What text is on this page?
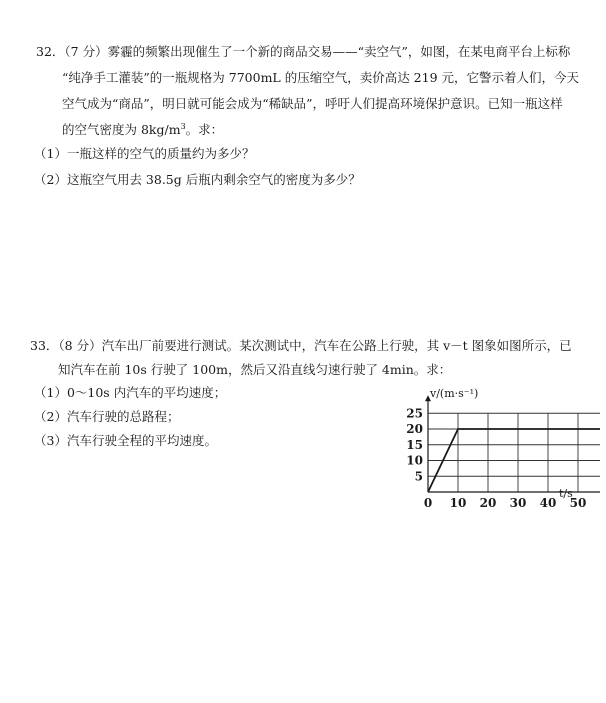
32．（7 分）雾霾的频繁出现催生了一个新的商品交易——“卖空气”，如图，在某电商平台上标称
“纯净手工灌装”的一瓶规格为 7700mL 的压缩空气，卖价高达 219 元，它警示着人们，今天
空气成为“商品”，明日就可能会成为“稀缺品”，呼吁人们提高环境保护意识。已知一瓶这样
的空气密度为 $8kg/m^3$。求：
（1）一瓶这样的空气的质量约为多少？
（2）这瓶空气用去 38.5g 后瓶内剩余空气的密度为多少？
33．（8 分）汽车出厂前要进行测试。某次测试中，汽车在公路上行驶，其 v－t 图象如图所示，已
知汽车在前 10s 行驶了 100m，然后又沿直线匀速行驶了 4min。求：
（1）0～10s 内汽车的平均速度；
（2）汽车行驶的总路程；
（3）汽车行驶全程的平均速度。
0 10 20 30 40 50
5
10
15
20
25
v/(m·s⁻¹)
t/s
